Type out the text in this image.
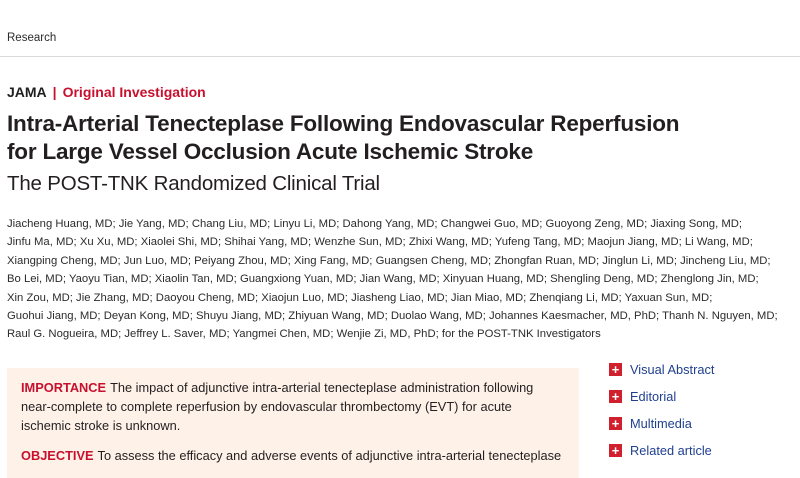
Research
JAMA | Original Investigation
Intra-Arterial Tenecteplase Following Endovascular Reperfusion
for Large Vessel Occlusion Acute Ischemic Stroke
The POST-TNK Randomized Clinical Trial
Jiacheng Huang, MD; Jie Yang, MD; Chang Liu, MD; Linyu Li, MD; Dahong Yang, MD; Changwei Guo, MD; Guoyong Zeng, MD; Jiaxing Song, MD;
Jinfu Ma, MD; Xu Xu, MD; Xiaolei Shi, MD; Shihai Yang, MD; Wenzhe Sun, MD; Zhixi Wang, MD; Yufeng Tang, MD; Maojun Jiang, MD; Li Wang, MD;
Xiangping Cheng, MD; Jun Luo, MD; Peiyang Zhou, MD; Xing Fang, MD; Guangsen Cheng, MD; Zhongfan Ruan, MD; Jinglun Li, MD; Jincheng Liu, MD;
Bo Lei, MD; Yaoyu Tian, MD; Xiaolin Tan, MD; Guangxiong Yuan, MD; Jian Wang, MD; Xinyuan Huang, MD; Shengling Deng, MD; Zhenglong Jin, MD;
Xin Zou, MD; Jie Zhang, MD; Daoyou Cheng, MD; Xiaojun Luo, MD; Jiasheng Liao, MD; Jian Miao, MD; Zhenqiang Li, MD; Yaxuan Sun, MD;
Guohui Jiang, MD; Deyan Kong, MD; Shuyu Jiang, MD; Zhiyuan Wang, MD; Duolao Wang, MD; Johannes Kaesmacher, MD, PhD; Thanh N. Nguyen, MD;
Raul G. Nogueira, MD; Jeffrey L. Saver, MD; Yangmei Chen, MD; Wenjie Zi, MD, PhD; for the POST-TNK Investigators
IMPORTANCE The impact of adjunctive intra-arterial tenecteplase administration following
near-complete to complete reperfusion by endovascular thrombectomy (EVT) for acute
ischemic stroke is unknown.
OBJECTIVE To assess the efficacy and adverse events of adjunctive intra-arterial tenecteplase
+ Visual Abstract
+ Editorial
+ Multimedia
+ Related article
